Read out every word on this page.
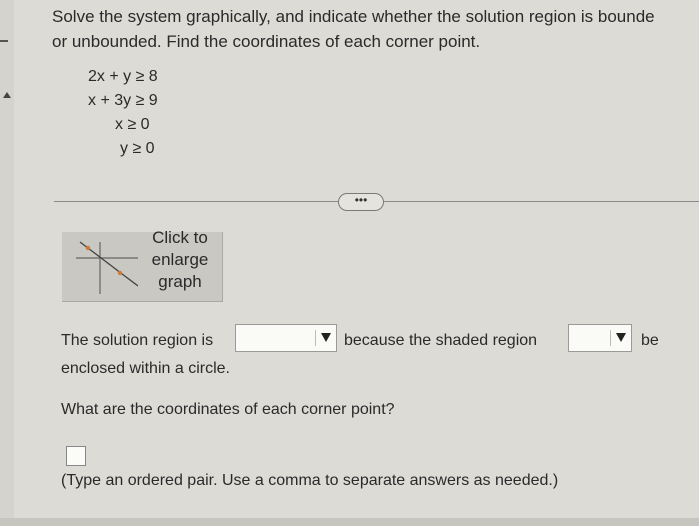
Solve the system graphically, and indicate whether the solution region is bounde
or unbounded. Find the coordinates of each corner point.
2x + y ≥ 8
x + 3y ≥ 9
x ≥ 0
y ≥ 0
•••
Click to
enlarge
graph
The solution region is	because the shaded region	be
enclosed within a circle.
What are the coordinates of each corner point?
(Type an ordered pair. Use a comma to separate answers as needed.)
